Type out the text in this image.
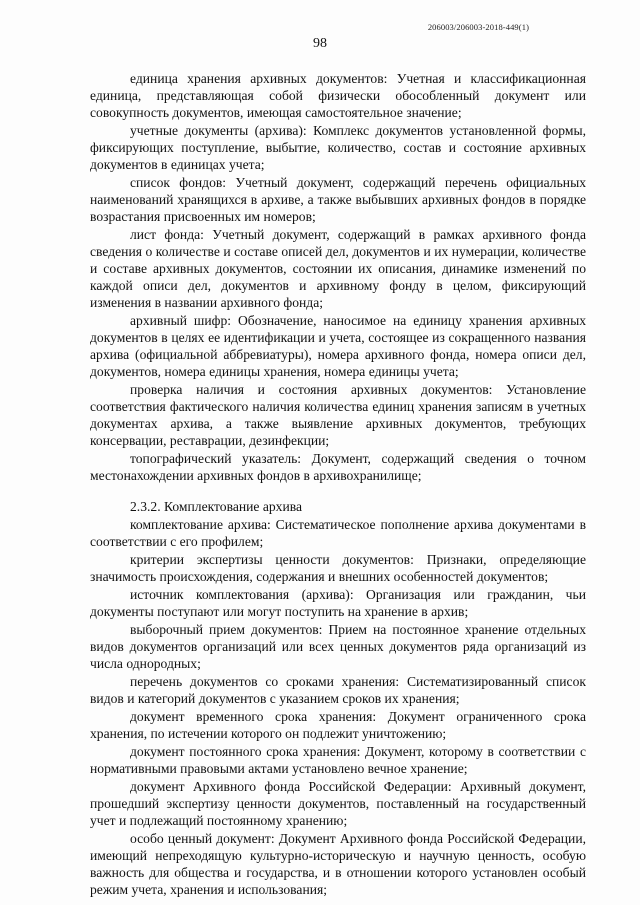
206003/206003-2018-449(1)
98

единица хранения архивных документов: Учетная и классификационная единица, представляющая собой физически обособленный документ или совокупность документов, имеющая самостоятельное значение;

учетные документы (архива): Комплекс документов установленной формы, фиксирующих поступление, выбытие, количество, состав и состояние архивных документов в единицах учета;

список фондов: Учетный документ, содержащий перечень официальных наименований хранящихся в архиве, а также выбывших архивных фондов в порядке возрастания присвоенных им номеров;

лист фонда: Учетный документ, содержащий в рамках архивного фонда сведения о количестве и составе описей дел, документов и их нумерации, количестве и составе архивных документов, состоянии их описания, динамике изменений по каждой описи дел, документов и архивному фонду в целом, фиксирующий изменения в названии архивного фонда;

архивный шифр: Обозначение, наносимое на единицу хранения архивных документов в целях ее идентификации и учета, состоящее из сокращенного названия архива (официальной аббревиатуры), номера архивного фонда, номера описи дел, документов, номера единицы хранения, номера единицы учета;

проверка наличия и состояния архивных документов: Установление соответствия фактического наличия количества единиц хранения записям в учетных документах архива, а также выявление архивных документов, требующих консервации, реставрации, дезинфекции;

топографический указатель: Документ, содержащий сведения о точном местонахождении архивных фондов в архивохранилище;

2.3.2. Комплектование архива

комплектование архива: Систематическое пополнение архива документами в соответствии с его профилем;

критерии экспертизы ценности документов: Признаки, определяющие значимость происхождения, содержания и внешних особенностей документов;

источник комплектования (архива): Организация или гражданин, чьи документы поступают или могут поступить на хранение в архив;

выборочный прием документов: Прием на постоянное хранение отдельных видов документов организаций или всех ценных документов ряда организаций из числа однородных;

перечень документов со сроками хранения: Систематизированный список видов и категорий документов с указанием сроков их хранения;

документ временного срока хранения: Документ ограниченного срока хранения, по истечении которого он подлежит уничтожению;

документ постоянного срока хранения: Документ, которому в соответствии с нормативными правовыми актами установлено вечное хранение;

документ Архивного фонда Российской Федерации: Архивный документ, прошедший экспертизу ценности документов, поставленный на государственный учет и подлежащий постоянному хранению;

особо ценный документ: Документ Архивного фонда Российской Федерации, имеющий непреходящую культурно-историческую и научную ценность, особую важность для общества и государства, и в отношении которого установлен особый режим учета, хранения и использования;
